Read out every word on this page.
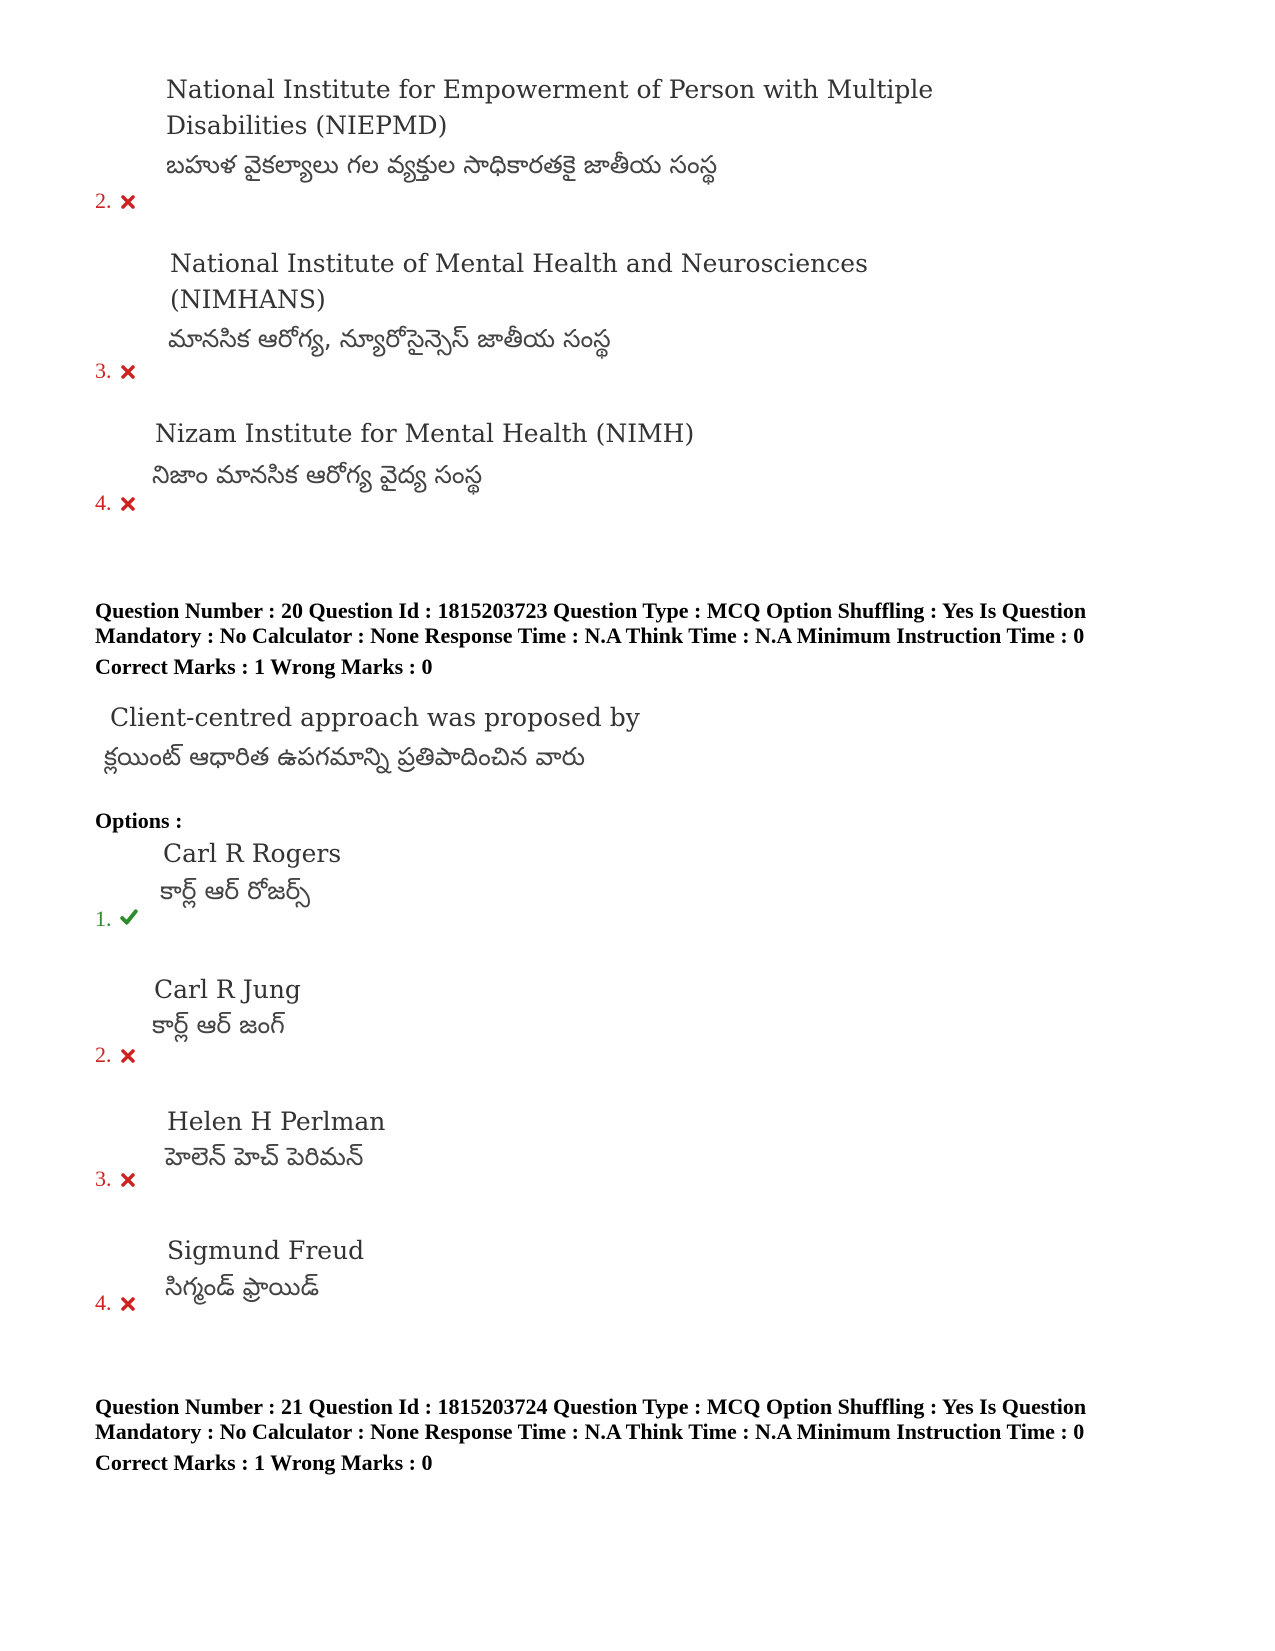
National Institute for Empowerment of Person with Multiple
Disabilities (NIEPMD)
బహుళ వైకల్యాలు గల వ్యక్తుల సాధికారతకై జాతీయ సంస్థ
2.
National Institute of Mental Health and Neurosciences
(NIMHANS)
మానసిక ఆరోగ్య, న్యూరోసైన్సెస్ జాతీయ సంస్థ
3.
Nizam Institute for Mental Health (NIMH)
నిజాం మానసిక ఆరోగ్య వైద్య సంస్థ
4.
Question Number : 20 Question Id : 1815203723 Question Type : MCQ Option Shuffling : Yes Is Question
Mandatory : No Calculator : None Response Time : N.A Think Time : N.A Minimum Instruction Time : 0
Correct Marks : 1 Wrong Marks : 0
Client-centred approach was proposed by
క్లయింట్ ఆధారిత ఉపగమాన్ని ప్రతిపాదించిన వారు
Options :
Carl R Rogers
కార్ల్ ఆర్ రోజర్స్
1.
Carl R Jung
కార్ల్ ఆర్ జంగ్
2.
Helen H Perlman
హెలెన్ హెచ్ పెరిమన్
3.
Sigmund Freud
సిగ్మండ్ ఫ్రాయిడ్
4.
Question Number : 21 Question Id : 1815203724 Question Type : MCQ Option Shuffling : Yes Is Question
Mandatory : No Calculator : None Response Time : N.A Think Time : N.A Minimum Instruction Time : 0
Correct Marks : 1 Wrong Marks : 0
